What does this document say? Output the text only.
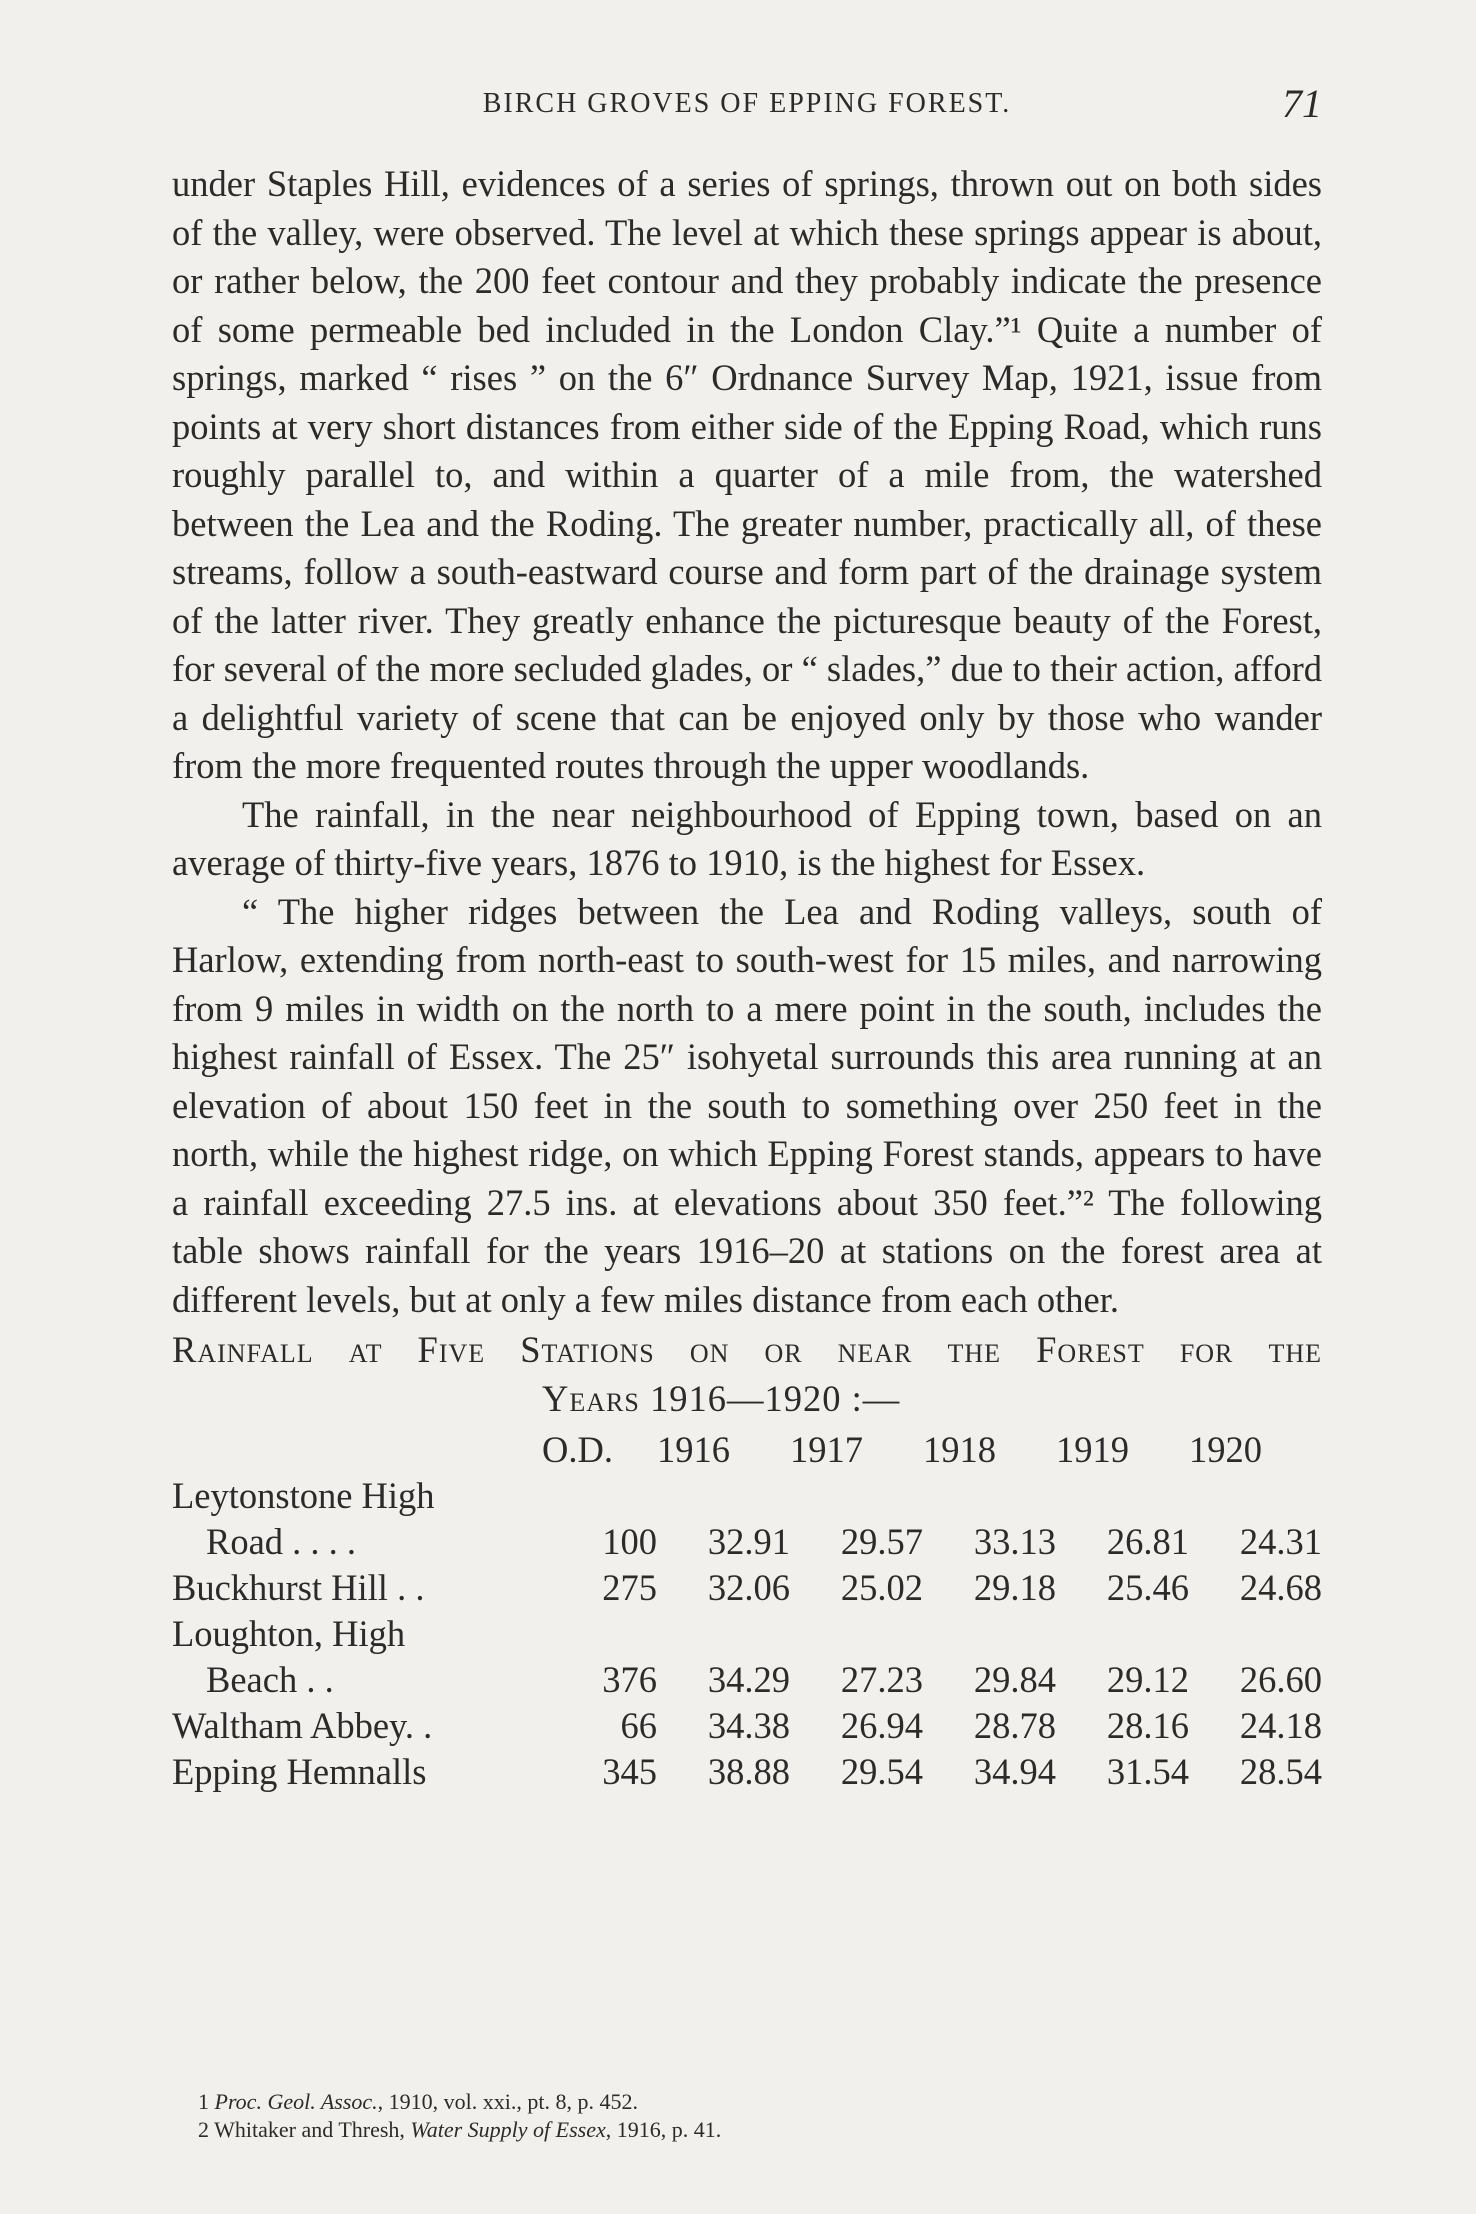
BIRCH GROVES OF EPPING FOREST.	71

under Staples Hill, evidences of a series of springs, thrown out on both sides of the valley, were observed. The level at which these springs appear is about, or rather below, the 200 feet contour and they probably indicate the presence of some permeable bed included in the London Clay.”¹ Quite a number of springs, marked “ rises ” on the 6″ Ordnance Survey Map, 1921, issue from points at very short distances from either side of the Epping Road, which runs roughly parallel to, and within a quarter of a mile from, the watershed between the Lea and the Roding. The greater number, practically all, of these streams, follow a south-eastward course and form part of the drainage system of the latter river. They greatly enhance the picturesque beauty of the Forest, for several of the more secluded glades, or “ slades,” due to their action, afford a delightful variety of scene that can be enjoyed only by those who wander from the more frequented routes through the upper woodlands.

The rainfall, in the near neighbourhood of Epping town, based on an average of thirty-five years, 1876 to 1910, is the highest for Essex.

“ The higher ridges between the Lea and Roding valleys, south of Harlow, extending from north-east to south-west for 15 miles, and narrowing from 9 miles in width on the north to a mere point in the south, includes the highest rainfall of Essex. The 25″ isohyetal surrounds this area running at an elevation of about 150 feet in the south to something over 250 feet in the north, while the highest ridge, on which Epping Forest stands, appears to have a rainfall exceeding 27.5 ins. at elevations about 350 feet.”² The following table shows rainfall for the years 1916–20 at stations on the forest area at different levels, but at only a few miles distance from each other.

Rainfall at Five Stations on or near the Forest for the
Years 1916—1920 :—
	O.D.	1916	1917	1918	1919	1920

Leytonstone High
Road . . . .	100	32.91	29.57	33.13	26.81	24.31

Buckhurst Hill . .	275	32.06	25.02	29.18	25.46	24.68

Loughton, High
Beach . .	376	34.29	27.23	29.84	29.12	26.60

Waltham Abbey. .	66	34.38	26.94	28.78	28.16	24.18

Epping Hemnalls	345	38.88	29.54	34.94	31.54	28.54
1 Proc. Geol. Assoc., 1910, vol. xxi., pt. 8, p. 452.
2 Whitaker and Thresh, Water Supply of Essex, 1916, p. 41.
